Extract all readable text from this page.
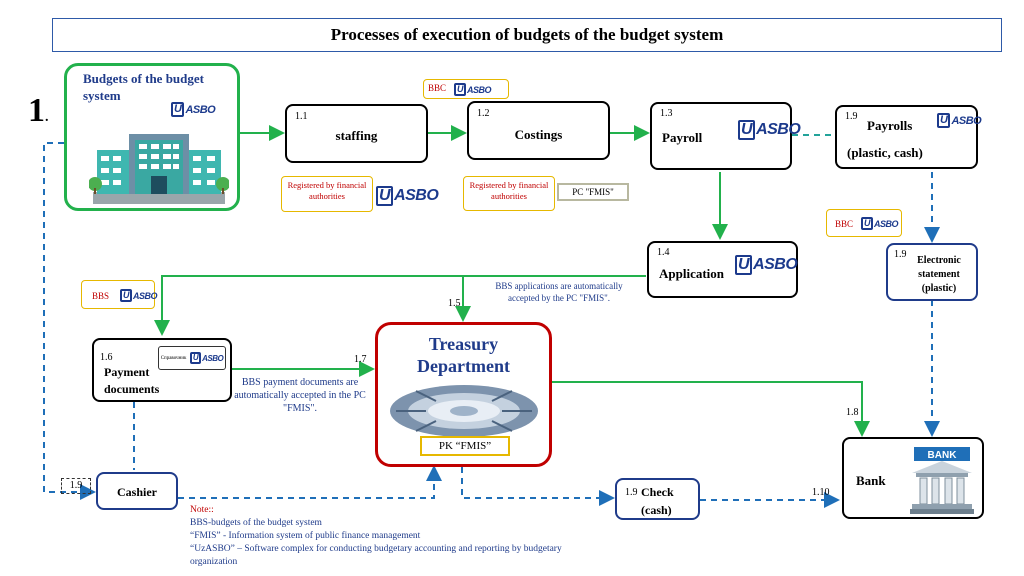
Processes of execution of budgets of the budget system
1.
Budgets of the budget system
U ASBO
1.1
staffing
1.2
Costings
1.3
Payroll U ASBO
1.9
Payrolls
(plastic, cash)
U ASBO
1.4
Application
U ASBO
1.9
Electronic statement (plastic)
1.6
Payment documents
Справочник U ASBO
Treasury Department
PK “FMIS”
Bank
BANK
Cashier
1.9
1.9 Check
(cash)
BBC	U ASBO
Registered by financial authorities	U ASBO
Registered by financial authorities	PC "FMIS"
BBC	U ASBO
BBS	U ASBO
1.5
1.7
1.8
1.10
BBS applications are automatically accepted by the PC "FMIS".
BBS payment documents are automatically accepted in the PC "FMIS".
Note::
BBS-budgets of the budget system
“FMIS” - Information system of public finance management
“UzASBO” – Software complex for conducting budgetary accounting and reporting by budgetary organization
